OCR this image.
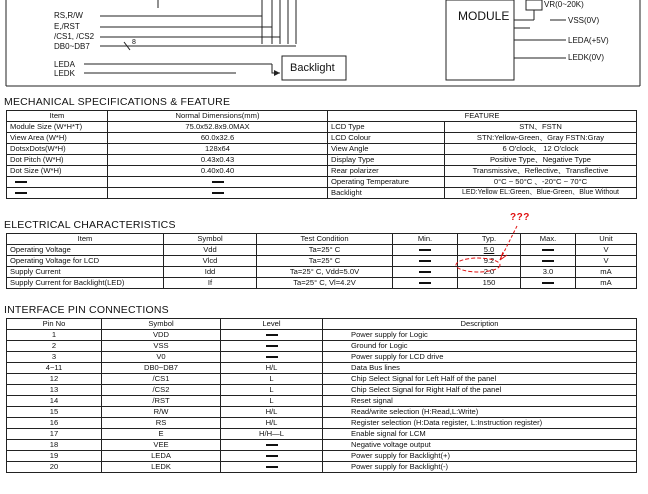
RS,R/W
E,/RST
/CS1, /CS2
DB0~DB7
LEDA
LEDK
8
Backlight
MODULE
VR(0~20K)
VSS(0V)
LEDA(+5V)
LEDK(0V)
MECHANICAL SPECIFICATIONS & FEATURE
Item	Normal Dimensions(mm)	FEATURE	
Module Size (W*H*T)	75.0x52.8x9.0MAX	LCD Type	STN、FSTN
View Area (W*H)	60.0x32.6	LCD Colour	STN:Yellow-Green、Gray FSTN:Gray
DotsxDots(W*H)	128x64	View Angle	6 O'clock、 12 O'clock
Dot Pitch (W*H)	0.43x0.43	Display Type	Positive Type、Negative Type
Dot Size (W*H)	0.40x0.40	Rear polarizer	Transmissive、Reflective、Transflective
		Operating Temperature	0°C ~ 50°C 、-20°C ~ 70°C
		Backlight	LED:Yellow EL:Green、Blue-Green、Blue Without
ELECTRICAL CHARACTERISTICS
Item	Symbol	Test Condition	Min.	Typ.	Max.	Unit
Operating Voltage	Vdd	Ta=25° C		5.0		V
Operating Voltage for LCD	Vlcd	Ta=25° C		9.2		V
Supply Current	Idd	Ta=25° C, Vdd=5.0V		2.0	3.0	mA
Supply Current for Backlight(LED)	If	Ta=25° C, Vl=4.2V		150		mA
???
INTERFACE PIN CONNECTIONS
Pin No	Symbol	Level	Description
1	VDD		Power supply for Logic
2	VSS		Ground for Logic
3	V0		Power supply for LCD drive
4~11	DB0~DB7	H/L	Data Bus lines
12	/CS1	L	Chip Select Signal for Left Half of the panel
13	/CS2	L	Chip Select Signal for Right Half of the panel
14	/RST	L	Reset signal
15	R/W	H/L	Read/write selection (H:Read,L:Write)
16	RS	H/L	Register selection (H:Data register, L:Instruction register)
17	E	H/H—L	Enable signal for LCM
18	VEE		Negative voltage output
19	LEDA		Power supply for Backlight(+)
20	LEDK		Power supply for Backlight(-)
